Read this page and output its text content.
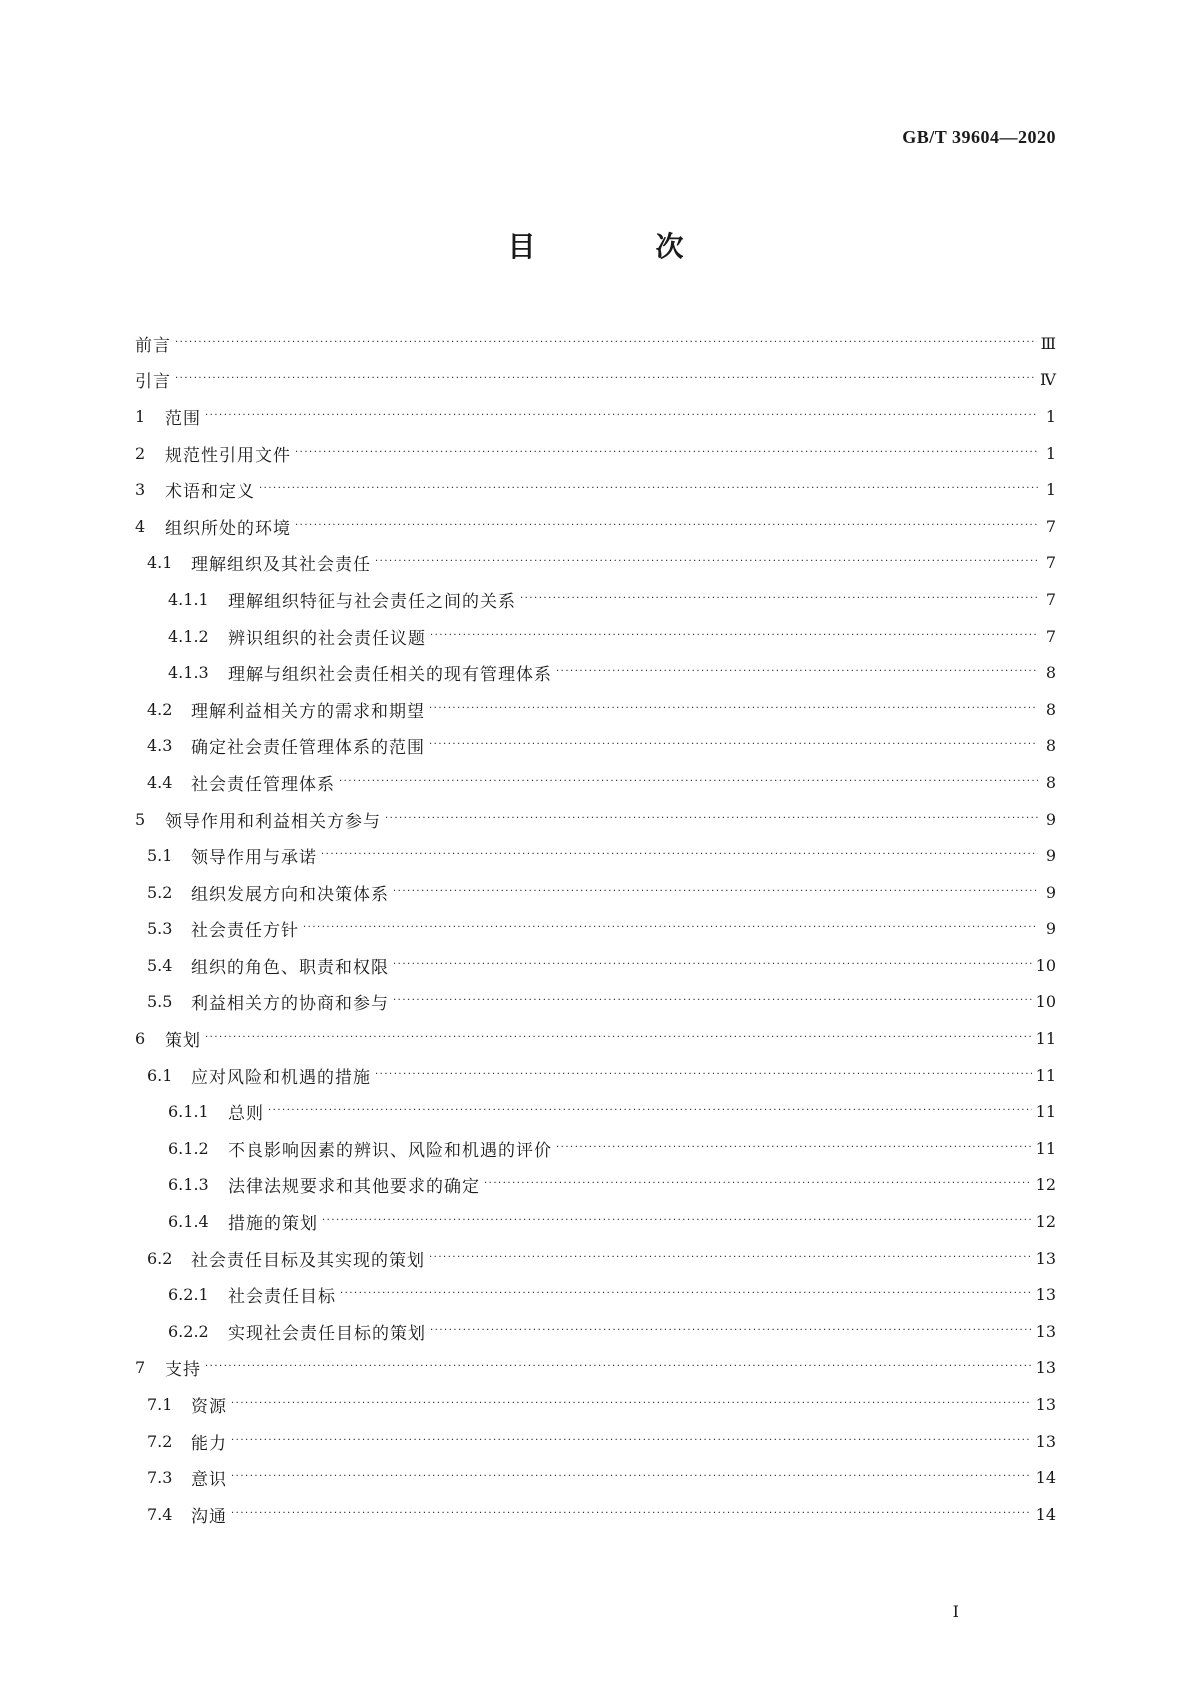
GB/T 39604—2020
目　次
前言 ·····	Ⅲ
引言 ·····	Ⅳ
1	范围 ·····	1
2	规范性引用文件 ·····	1
3	术语和定义 ·····	1
4	组织所处的环境 ·····	7
4.1	理解组织及其社会责任 ·····	7
4.1.1	理解组织特征与社会责任之间的关系 ·····	7
4.1.2	辨识组织的社会责任议题 ·····	7
4.1.3	理解与组织社会责任相关的现有管理体系 ·····	8
4.2	理解利益相关方的需求和期望 ·····	8
4.3	确定社会责任管理体系的范围 ·····	8
4.4	社会责任管理体系 ·····	8
5	领导作用和利益相关方参与 ·····	9
5.1	领导作用与承诺 ·····	9
5.2	组织发展方向和决策体系 ·····	9
5.3	社会责任方针 ·····	9
5.4	组织的角色、职责和权限 ·····	10
5.5	利益相关方的协商和参与 ·····	10
6	策划 ·····	11
6.1	应对风险和机遇的措施 ·····	11
6.1.1	总则 ·····	11
6.1.2	不良影响因素的辨识、风险和机遇的评价 ·····	11
6.1.3	法律法规要求和其他要求的确定 ·····	12
6.1.4	措施的策划 ·····	12
6.2	社会责任目标及其实现的策划 ·····	13
6.2.1	社会责任目标 ·····	13
6.2.2	实现社会责任目标的策划 ·····	13
7	支持 ·····	13
7.1	资源 ·····	13
7.2	能力 ·····	13
7.3	意识 ·····	14
7.4	沟通 ·····	14
Ⅰ
